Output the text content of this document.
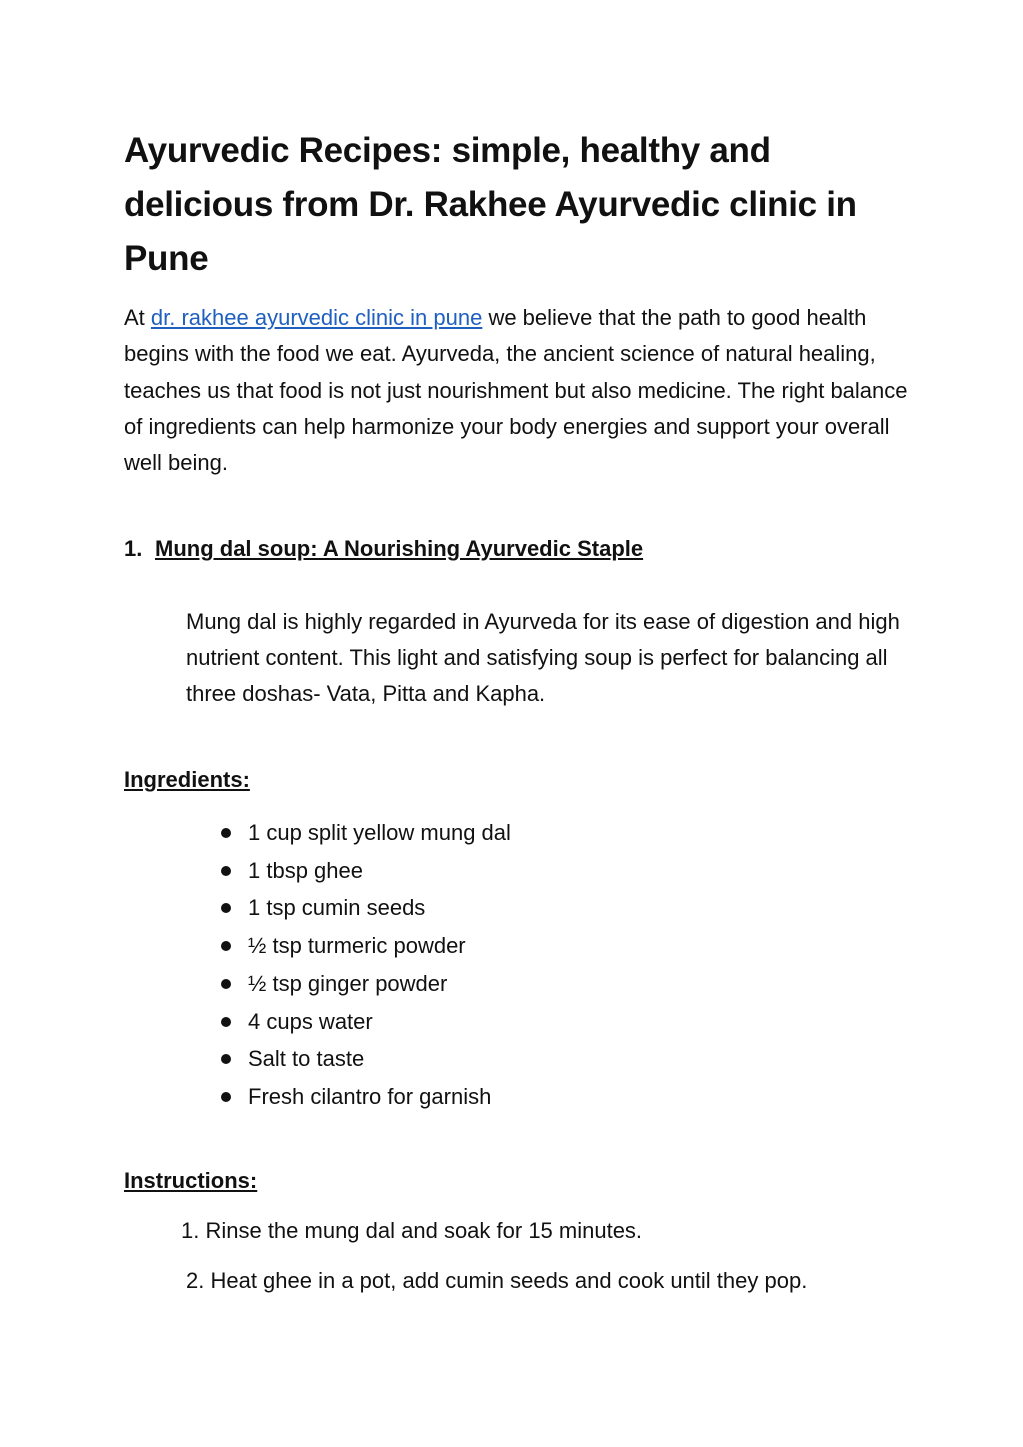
Ayurvedic Recipes: simple, healthy and delicious from Dr. Rakhee Ayurvedic clinic in Pune

At dr. rakhee ayurvedic clinic in pune we believe that the path to good health begins with the food we eat. Ayurveda, the ancient science of natural healing, teaches us that food is not just nourishment but also medicine. The right balance of ingredients can help harmonize your body energies and support your overall well being.

1. Mung dal soup: A Nourishing Ayurvedic Staple

Mung dal is highly regarded in Ayurveda for its ease of digestion and high nutrient content. This light and satisfying soup is perfect for balancing all three doshas- Vata, Pitta and Kapha.

Ingredients:
1 cup split yellow mung dal
1 tbsp ghee
1 tsp cumin seeds
½ tsp turmeric powder
½ tsp ginger powder
4 cups water
Salt to taste
Fresh cilantro for garnish
Instructions:

1. Rinse the mung dal and soak for 15 minutes.

2. Heat ghee in a pot, add cumin seeds and cook until they pop.
